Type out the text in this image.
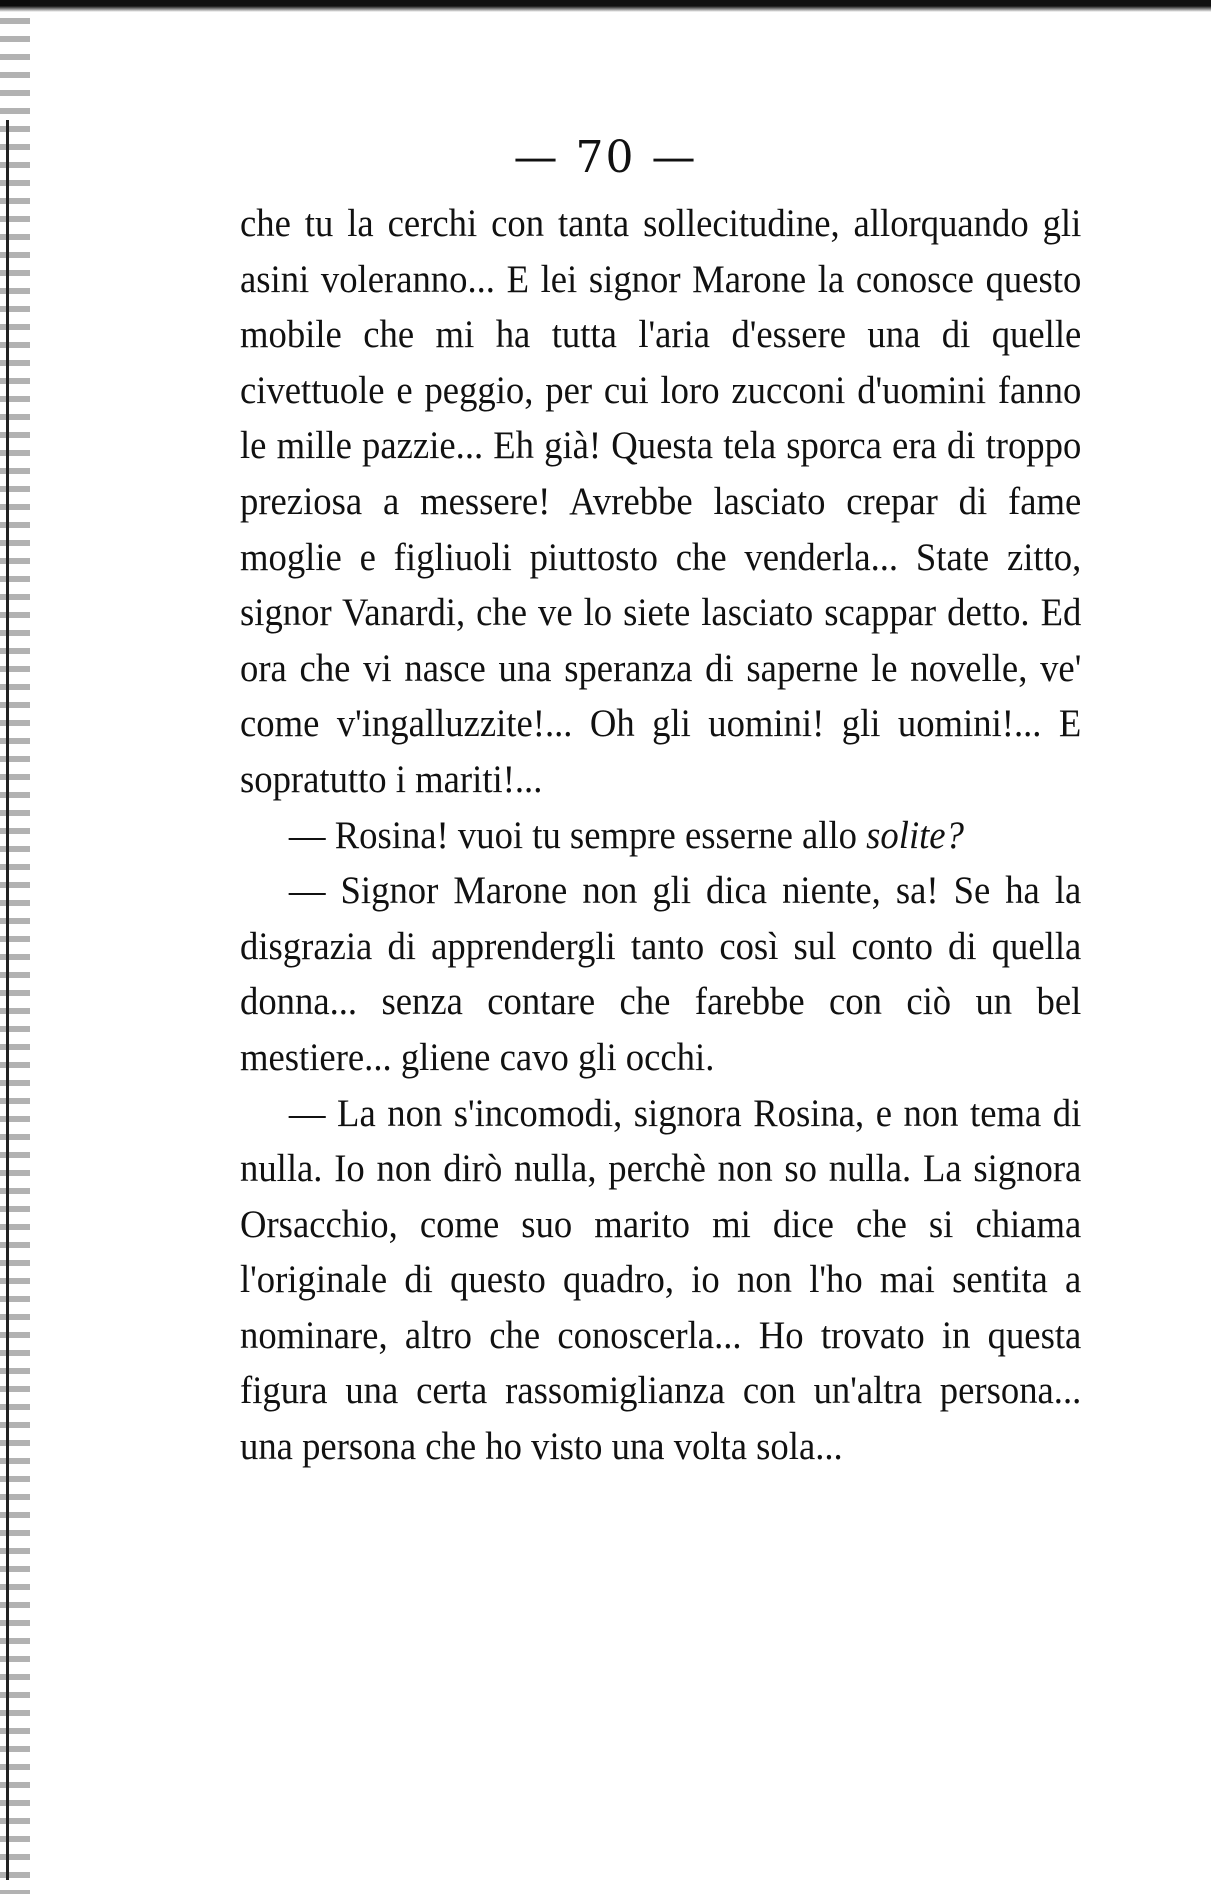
— 70 —

che tu la cerchi con tanta sollecitudine, allorquando gli asini voleranno... E lei signor Marone la conosce questo mobile che mi ha tutta l'aria d'essere una di quelle civettuole e peggio, per cui loro zucconi d'uomini fanno le mille pazzie... Eh già! Questa tela sporca era di troppo preziosa a messere! Avrebbe lasciato crepar di fame moglie e figliuoli piuttosto che venderla... State zitto, signor Vanardi, che ve lo siete lasciato scappar detto. Ed ora che vi nasce una speranza di saperne le novelle, ve' come v'ingalluzzite!... Oh gli uomini! gli uomini!... E sopratutto i mariti!...

— Rosina! vuoi tu sempre esserne allo solite?

— Signor Marone non gli dica niente, sa! Se ha la disgrazia di apprendergli tanto così sul conto di quella donna... senza contare che farebbe con ciò un bel mestiere... gliene cavo gli occhi.

— La non s'incomodi, signora Rosina, e non tema di nulla. Io non dirò nulla, perchè non so nulla. La signora Orsacchio, come suo marito mi dice che si chiama l'originale di questo quadro, io non l'ho mai sentita a nominare, altro che conoscerla... Ho trovato in questa figura una certa rassomiglianza con un'altra persona... una persona che ho visto una volta sola...
